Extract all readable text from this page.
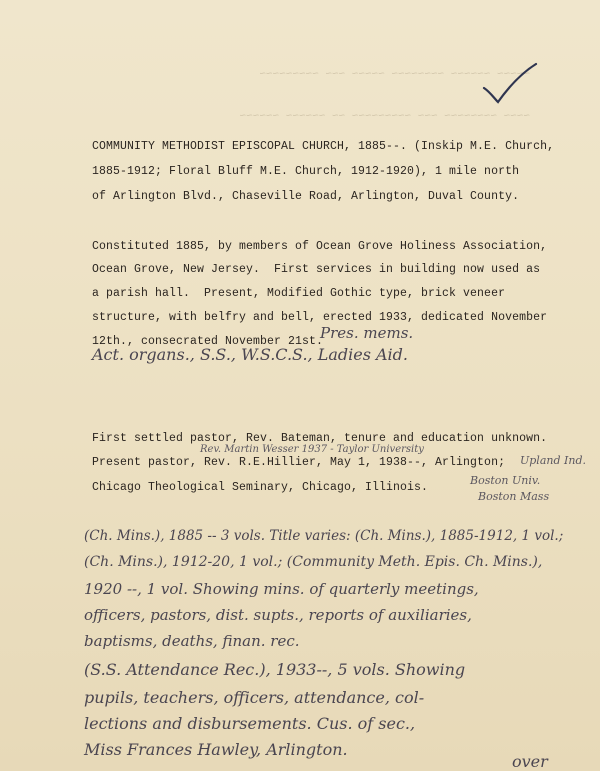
~~~~~ ~~~~~~ ~~~~~~~~ ~~~~~ ~~~ ~~~~~~~~~

~~~~ ~~~~~~~~ ~~~ ~~~~~~~~~ ~~ ~~~~~~ ~~~~~~

COMMUNITY METHODIST EPISCOPAL CHURCH, 1885--. (Inskip M.E. Church,
1885-1912; Floral Bluff M.E. Church, 1912-1920), 1 mile north
of Arlington Blvd., Chaseville Road, Arlington, Duval County.
Constituted 1885, by members of Ocean Grove Holiness Association,
Ocean Grove, New Jersey.  First services in building now used as
a parish hall.  Present, Modified Gothic type, brick veneer
structure, with belfry and bell, erected 1933, dedicated November
12th., consecrated November 21st.
Pres. mems.
Act. organs., S.S., W.S.C.S., Ladies Aid.
First settled pastor, Rev. Bateman, tenure and education unknown.
Present pastor, Rev. R.E.Hillier, May 1, 1938--, Arlington;
Chicago Theological Seminary, Chicago, Illinois.
Rev. Martin Wesser 1937 - Taylor University
Upland Ind.
Boston Univ.
Boston Mass
(Ch. Mins.), 1885 -- 3 vols. Title varies: (Ch. Mins.), 1885-1912, 1 vol.;
(Ch. Mins.), 1912-20, 1 vol.; (Community Meth. Epis. Ch. Mins.),
1920 --, 1 vol. Showing mins. of quarterly meetings,
officers, pastors, dist. supts., reports of auxiliaries,
baptisms, deaths, finan. rec.
(S.S. Attendance Rec.), 1933--, 5 vols. Showing
pupils, teachers, officers, attendance, col-
lections and disbursements. Cus. of sec.,
Miss Frances Hawley, Arlington.
over
